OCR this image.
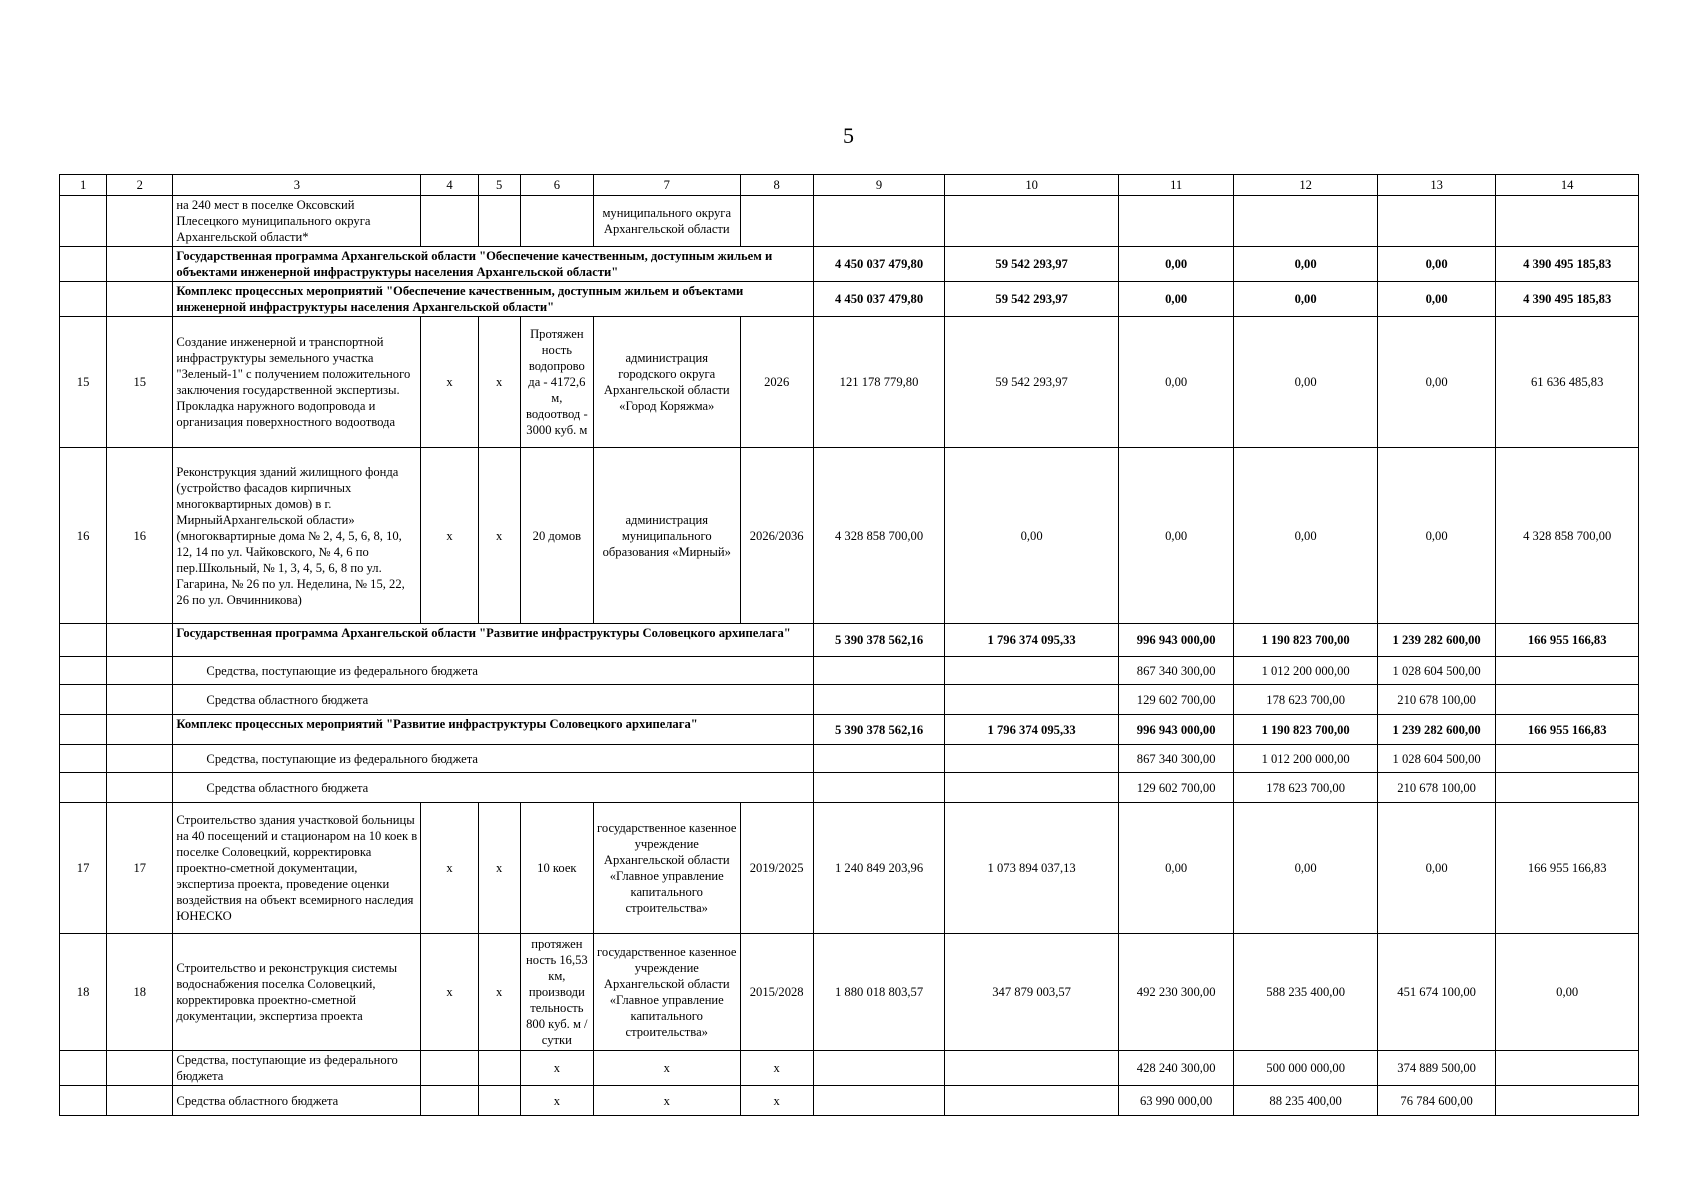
5
1	2	3	4	5	6	7	8	9	10	11	12	13	14
		на 240 мест в поселке Оксовский Плесецкого муниципального округа Архангельской области*				муниципального округа Архангельской области							
		Государственная программа Архангельской области "Обеспечение качественным, доступным жильем и объектами инженерной инфраструктуры населения Архангельской области"						4 450 037 479,80	59 542 293,97	0,00	0,00	0,00	4 390 495 185,83
		Комплекс процессных мероприятий "Обеспечение качественным, доступным жильем и объектами инженерной инфраструктуры населения Архангельской области"						4 450 037 479,80	59 542 293,97	0,00	0,00	0,00	4 390 495 185,83
15	15	Создание инженерной и транспортной инфраструктуры земельного участка "Зеленый-1" с получением положительного заключения государственной экспертизы. Прокладка наружного водопровода и организация поверхностного водоотвода	х	х	Протяжен ность водопрово да - 4172,6 м, водоотвод - 3000 куб. м	администрация городского округа Архангельской области «Город Коряжма»	2026	121 178 779,80	59 542 293,97	0,00	0,00	0,00	61 636 485,83
16	16	Реконструкция зданий жилищного фонда (устройство фасадов кирпичных многоквартирных домов) в г. МирныйАрхангельской области» (многоквартирные дома № 2, 4, 5, 6, 8, 10, 12, 14 по ул. Чайковского, № 4, 6 по пер.Школьный, № 1, 3, 4, 5, 6, 8 по ул. Гагарина, № 26 по ул. Неделина, № 15, 22, 26 по ул. Овчинникова)	х	х	20 домов	администрация муниципального образования «Мирный»	2026/2036	4 328 858 700,00	0,00	0,00	0,00	0,00	4 328 858 700,00
		Государственная программа Архангельской области "Развитие инфраструктуры Соловецкого архипелага"						5 390 378 562,16	1 796 374 095,33	996 943 000,00	1 190 823 700,00	1 239 282 600,00	166 955 166,83
		Средства, поступающие из федерального бюджета								867 340 300,00	1 012 200 000,00	1 028 604 500,00	
		Средства областного бюджета								129 602 700,00	178 623 700,00	210 678 100,00	
		Комплекс процессных мероприятий "Развитие инфраструктуры Соловецкого архипелага"						5 390 378 562,16	1 796 374 095,33	996 943 000,00	1 190 823 700,00	1 239 282 600,00	166 955 166,83
		Средства, поступающие из федерального бюджета								867 340 300,00	1 012 200 000,00	1 028 604 500,00	
		Средства областного бюджета								129 602 700,00	178 623 700,00	210 678 100,00	
17	17	Строительство здания участковой больницы на 40 посещений и стационаром на 10 коек в поселке Соловецкий, корректировка проектно-сметной документации, экспертиза проекта, проведение оценки воздействия на объект всемирного наследия ЮНЕСКО	х	х	10 коек	государственное казенное учреждение Архангельской области «Главное управление капитального строительства»	2019/2025	1 240 849 203,96	1 073 894 037,13	0,00	0,00	0,00	166 955 166,83
18	18	Строительство и реконструкция системы водоснабжения поселка Соловецкий, корректировка проектно-сметной документации, экспертиза проекта	х	х	протяжен ность 16,53 км, производи тельность 800 куб. м / сутки	государственное казенное учреждение Архангельской области «Главное управление капитального строительства»	2015/2028	1 880 018 803,57	347 879 003,57	492 230 300,00	588 235 400,00	451 674 100,00	0,00
		Средства, поступающие из федерального бюджета			х	х	х			428 240 300,00	500 000 000,00	374 889 500,00	
		Средства областного бюджета			х	х	х			63 990 000,00	88 235 400,00	76 784 600,00	
